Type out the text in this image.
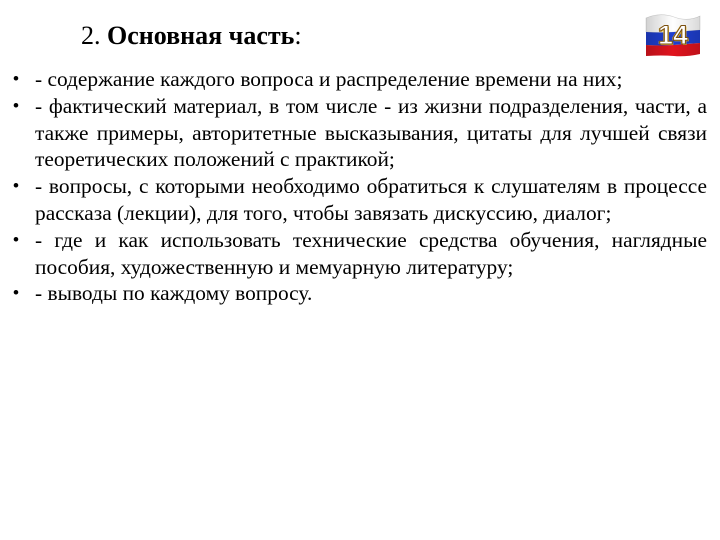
2. Основная часть:	14
• - содержание каждого вопроса и распределение времени на них;
• - фактический материал, в том числе - из жизни подразделения, части, а также примеры, авторитетные высказывания, цитаты для лучшей связи теоретических положений с практикой;
• - вопросы, с которыми необходимо обратиться к слушателям в процессе рассказа (лекции), для того, чтобы завязать дискуссию, диалог;
• - где и как использовать технические средства обучения, наглядные пособия, художественную и мемуарную литературу;
• - выводы по каждому вопросу.
